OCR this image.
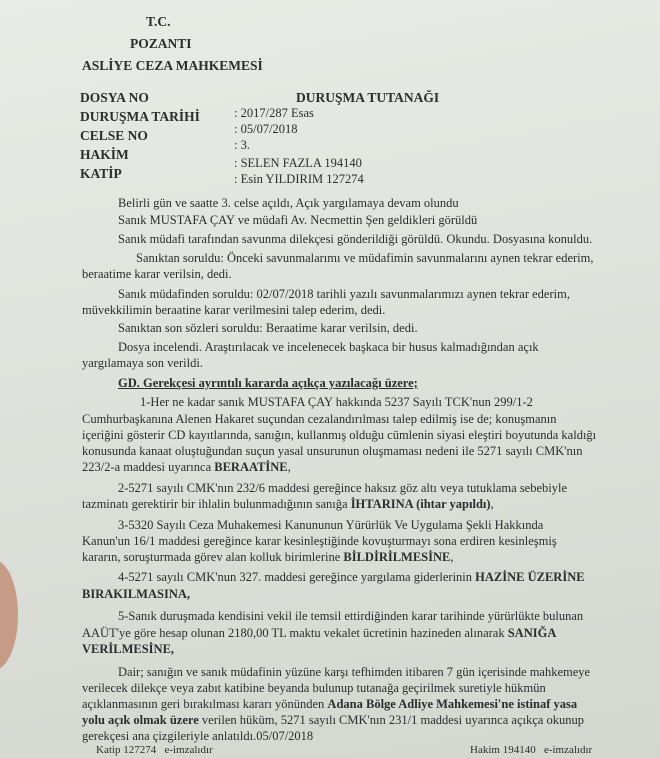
T.C.
POZANTI
ASLİYE CEZA MAHKEMESİ
DURUŞMA TUTANAĞI
DOSYA NO
DURUŞMA TARİHİ
CELSE NO
HAKİM
KATİP
: 2017/287 Esas
: 05/07/2018
: 3.
: SELEN FAZLA 194140
: Esin YILDIRIM 127274
Belirli gün ve saatte 3. celse açıldı, Açık yargılamaya devam olundu
Sanık MUSTAFA ÇAY ve müdafi Av. Necmettin Şen geldikleri görüldü
Sanık müdafi tarafından savunma dilekçesi gönderildiği görüldü. Okundu. Dosyasına konuldu.
Sanıktan soruldu: Önceki savunmalarımı ve müdafimin savunmalarını aynen tekrar ederim,
beraatime karar verilsin, dedi.
Sanık müdafinden soruldu: 02/07/2018 tarihli yazılı savunmalarımızı aynen tekrar ederim,
müvekkilimin beraatine karar verilmesini talep ederim, dedi.
Sanıktan son sözleri soruldu: Beraatime karar verilsin, dedi.
Dosya incelendi. Araştırılacak ve incelenecek başkaca bir husus kalmadığından açık
yargılamaya son verildi.
GD. Gerekçesi ayrıntılı kararda açıkça yazılacağı üzere;
1-Her ne kadar sanık MUSTAFA ÇAY hakkında 5237 Sayılı TCK'nun 299/1-2
Cumhurbaşkanına Alenen Hakaret suçundan cezalandırılması talep edilmiş ise de; konuşmanın
içeriğini gösterir CD kayıtlarında, sanığın, kullanmış olduğu cümlenin siyasi eleştiri boyutunda kaldığı
konusunda kanaat oluştuğundan suçun yasal unsurunun oluşmaması nedeni ile 5271 sayılı CMK'nın
223/2-a maddesi uyarınca BERAATİNE,
2-5271 sayılı CMK'nın 232/6 maddesi gereğince haksız göz altı veya tutuklama sebebiyle
tazminatı gerektirir bir ihlalin bulunmadığının sanığa İHTARINA (ihtar yapıldı),
3-5320 Sayılı Ceza Muhakemesi Kanununun Yürürlük Ve Uygulama Şekli Hakkında
Kanun'un 16/1 maddesi gereğince karar kesinleştiğinde kovuşturmayı sona erdiren kesinleşmiş
kararın, soruşturmada görev alan kolluk birimlerine BİLDİRİLMESİNE,
4-5271 sayılı CMK'nun 327. maddesi gereğince yargılama giderlerinin HAZİNE ÜZERİNE
BIRAKILMASINA,
5-Sanık duruşmada kendisini vekil ile temsil ettirdiğinden karar tarihinde yürürlükte bulunan
AAÜT'ye göre hesap olunan 2180,00 TL maktu vekalet ücretinin hazineden alınarak SANIĞA
VERİLMESİNE,
Dair; sanığın ve sanık müdafinin yüzüne karşı tefhimden itibaren 7 gün içerisinde mahkemeye
verilecek dilekçe veya zabıt katibine beyanda bulunup tutanağa geçirilmek suretiyle hükmün
açıklanmasının geri bırakılması kararı yönünden Adana Bölge Adliye Mahkemesi'ne istinaf yasa
yolu açık olmak üzere verilen hüküm, 5271 sayılı CMK'nın 231/1 maddesi uyarınca açıkça okunup
gerekçesi ana çizgileriyle anlatıldı.05/07/2018
Katip 127274 e-imzalıdır	Hakim 194140 e-imzalıdır
